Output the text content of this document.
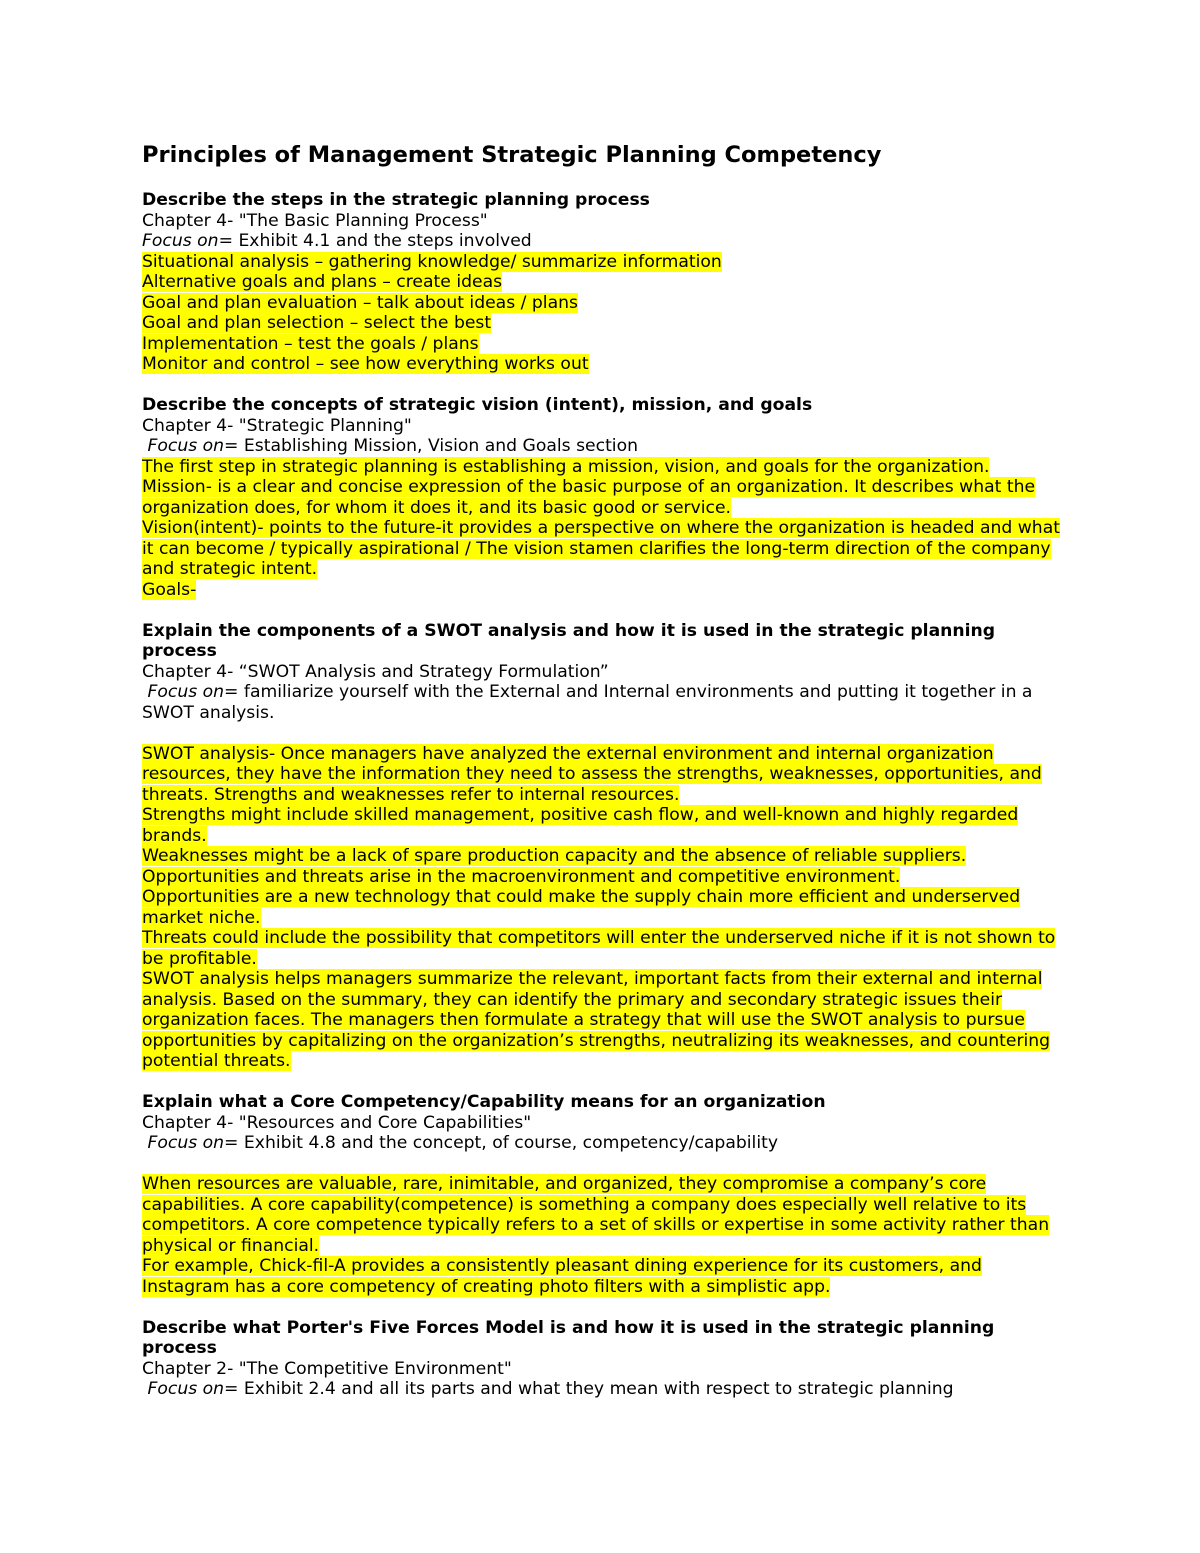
Principles of Management Strategic Planning Competency
Describe the steps in the strategic planning process
Chapter 4- "The Basic Planning Process"
Focus on= Exhibit 4.1 and the steps involved
Situational analysis – gathering knowledge/ summarize information
Alternative goals and plans – create ideas
Goal and plan evaluation – talk about ideas / plans
Goal and plan selection – select the best
Implementation – test the goals / plans
Monitor and control – see how everything works out
Describe the concepts of strategic vision (intent), mission, and goals
Chapter 4- "Strategic Planning"
Focus on= Establishing Mission, Vision and Goals section
The first step in strategic planning is establishing a mission, vision, and goals for the organization.
Mission- is a clear and concise expression of the basic purpose of an organization. It describes what the organization does, for whom it does it, and its basic good or service.
Vision(intent)- points to the future-it provides a perspective on where the organization is headed and what it can become / typically aspirational / The vision stamen clarifies the long-term direction of the company and strategic intent.
Goals-
Explain the components of a SWOT analysis and how it is used in the strategic planning process
Chapter 4- “SWOT Analysis and Strategy Formulation”
Focus on= familiarize yourself with the External and Internal environments and putting it together in a SWOT analysis.
SWOT analysis- Once managers have analyzed the external environment and internal organization resources, they have the information they need to assess the strengths, weaknesses, opportunities, and threats. Strengths and weaknesses refer to internal resources.
Strengths might include skilled management, positive cash flow, and well-known and highly regarded brands.
Weaknesses might be a lack of spare production capacity and the absence of reliable suppliers.
Opportunities and threats arise in the macroenvironment and competitive environment.
Opportunities are a new technology that could make the supply chain more efficient and underserved market niche.
Threats could include the possibility that competitors will enter the underserved niche if it is not shown to be profitable.
SWOT analysis helps managers summarize the relevant, important facts from their external and internal analysis. Based on the summary, they can identify the primary and secondary strategic issues their organization faces. The managers then formulate a strategy that will use the SWOT analysis to pursue opportunities by capitalizing on the organization’s strengths, neutralizing its weaknesses, and countering potential threats.
Explain what a Core Competency/Capability means for an organization
Chapter 4- "Resources and Core Capabilities"
Focus on= Exhibit 4.8 and the concept, of course, competency/capability
When resources are valuable, rare, inimitable, and organized, they compromise a company’s core capabilities. A core capability(competence) is something a company does especially well relative to its competitors. A core competence typically refers to a set of skills or expertise in some activity rather than physical or financial.
For example, Chick-fil-A provides a consistently pleasant dining experience for its customers, and Instagram has a core competency of creating photo filters with a simplistic app.
Describe what Porter's Five Forces Model is and how it is used in the strategic planning process
Chapter 2- "The Competitive Environment"
Focus on= Exhibit 2.4 and all its parts and what they mean with respect to strategic planning
